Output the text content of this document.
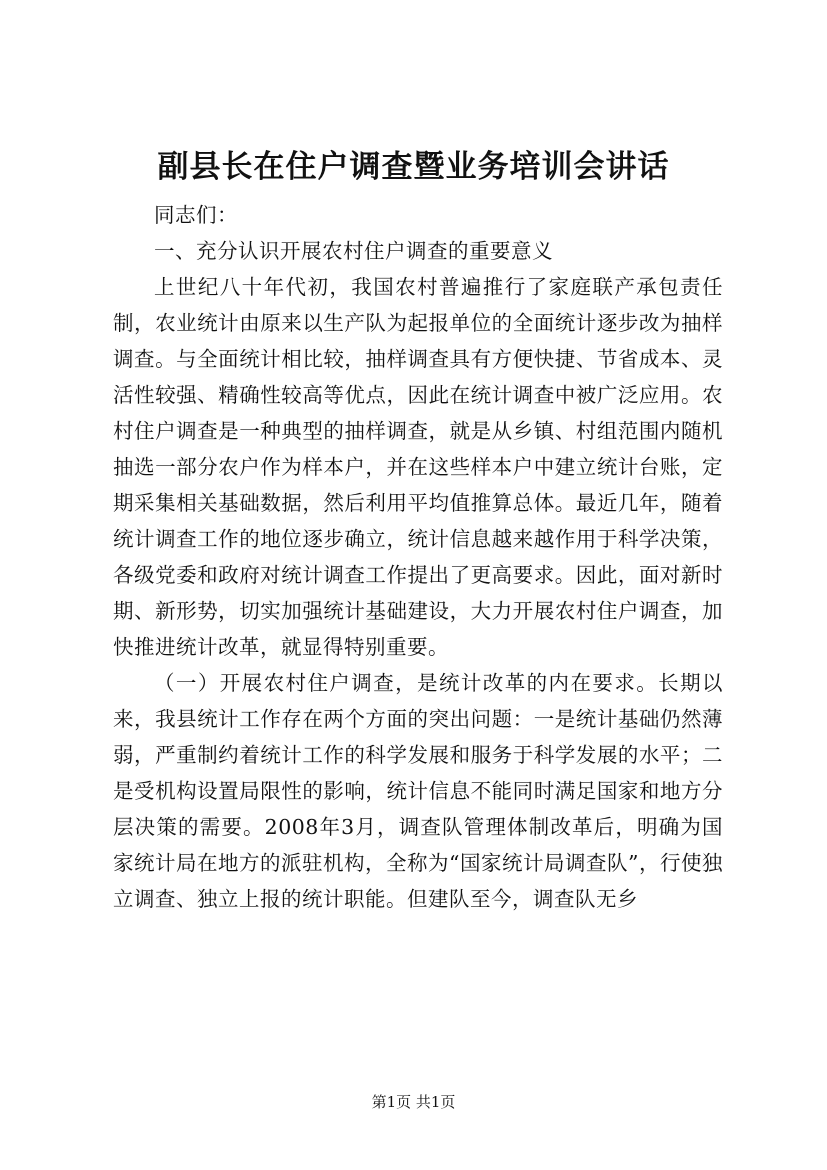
副县长在住户调查暨业务培训会讲话

同志们：

一、充分认识开展农村住户调查的重要意义

上世纪八十年代初，我国农村普遍推行了家庭联产承包责任制，农业统计由原来以生产队为起报单位的全面统计逐步改为抽样调查。与全面统计相比较，抽样调查具有方便快捷、节省成本、灵活性较强、精确性较高等优点，因此在统计调查中被广泛应用。农村住户调查是一种典型的抽样调查，就是从乡镇、村组范围内随机抽选一部分农户作为样本户，并在这些样本户中建立统计台账，定期采集相关基础数据，然后利用平均值推算总体。最近几年，随着统计调查工作的地位逐步确立，统计信息越来越作用于科学决策，各级党委和政府对统计调查工作提出了更高要求。因此，面对新时期、新形势，切实加强统计基础建设，大力开展农村住户调查，加快推进统计改革，就显得特别重要。

（一）开展农村住户调查，是统计改革的内在要求。长期以来，我县统计工作存在两个方面的突出问题：一是统计基础仍然薄弱，严重制约着统计工作的科学发展和服务于科学发展的水平；二是受机构设置局限性的影响，统计信息不能同时满足国家和地方分层决策的需要。2008年3月，调查队管理体制改革后，明确为国家统计局在地方的派驻机构，全称为“国家统计局调查队”，行使独立调查、独立上报的统计职能。但建队至今，调查队无乡

第1页 共1页
